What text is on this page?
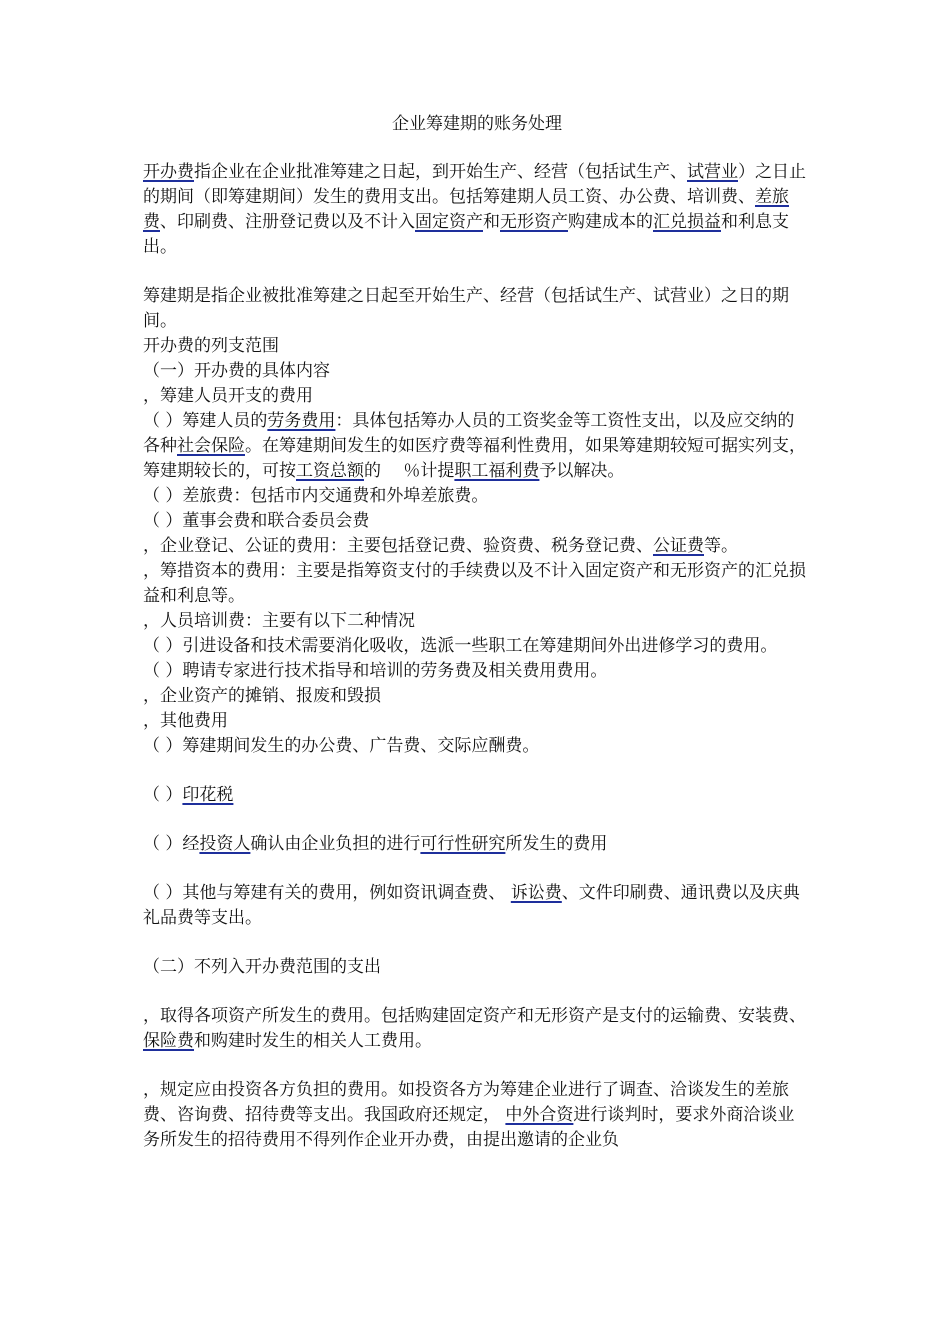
企业筹建期的账务处理

开办费指企业在企业批准筹建之日起，到开始生产、经营（包括试生产、试营业）之日止的期间（即筹建期间）发生的费用支出。包括筹建期人员工资、办公费、培训费、差旅费、印刷费、注册登记费以及不计入固定资产和无形资产购建成本的汇兑损益和利息支出。

筹建期是指企业被批准筹建之日起至开始生产、经营（包括试生产、试营业）之日的期间。

开办费的列支范围

（一）开办费的具体内容

，筹建人员开支的费用

（ ）筹建人员的劳务费用：具体包括筹办人员的工资奖金等工资性支出，以及应交纳的各种社会保险。在筹建期间发生的如医疗费等福利性费用，如果筹建期较短可据实列支，筹建期较长的，可按工资总额的　 ％计提职工福利费予以解决。

（ ）差旅费：包括市内交通费和外埠差旅费。

（ ）董事会费和联合委员会费

，企业登记、公证的费用：主要包括登记费、验资费、税务登记费、公证费等。

，筹措资本的费用：主要是指筹资支付的手续费以及不计入固定资产和无形资产的汇兑损益和利息等。

，人员培训费：主要有以下二种情况

（ ）引进设备和技术需要消化吸收，选派一些职工在筹建期间外出进修学习的费用。

（ ）聘请专家进行技术指导和培训的劳务费及相关费用费用。

，企业资产的摊销、报废和毁损

，其他费用

（ ）筹建期间发生的办公费、广告费、交际应酬费。

（ ）印花税

（ ）经投资人确认由企业负担的进行可行性研究所发生的费用

（ ）其他与筹建有关的费用，例如资讯调查费、 诉讼费、文件印刷费、通讯费以及庆典礼品费等支出。

（二）不列入开办费范围的支出

，取得各项资产所发生的费用。包括购建固定资产和无形资产是支付的运输费、安装费、保险费和购建时发生的相关人工费用。

，规定应由投资各方负担的费用。如投资各方为筹建企业进行了调查、洽谈发生的差旅费、咨询费、招待费等支出。我国政府还规定， 中外合资进行谈判时，要求外商洽谈业务所发生的招待费用不得列作企业开办费，由提出邀请的企业负
